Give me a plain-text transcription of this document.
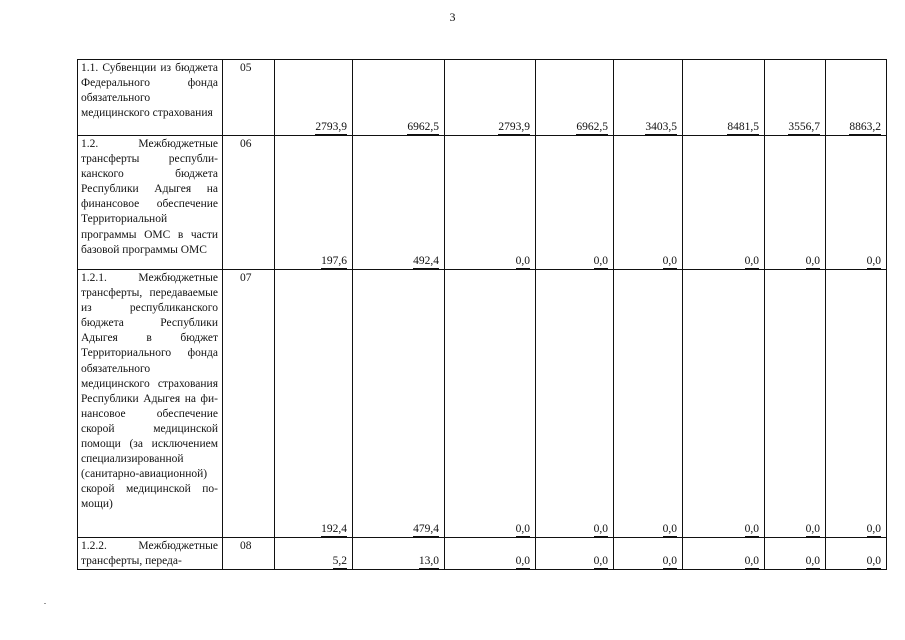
3
1.1. Субвенции из бюджета Федерального фонда обязательного медицинского страхования	05	2793,9	6962,5	2793,9	6962,5	3403,5	8481,5	3556,7	8863,2
1.2. Межбюджетные трансферты республиканского бюджета Республики Адыгея на финансовое обеспечение Территориальной программы ОМС в части базовой программы ОМС	06	197,6	492,4	0,0	0,0	0,0	0,0	0,0	0,0
1.2.1. Межбюджетные трансферты, передаваемые из республиканского бюджета Республики Адыгея в бюджет Территориального фонда обязательного медицинского страхования Республики Адыгея на финансовое обеспечение скорой медицинской помощи (за исключением специализированной (санитарно-авиационной) скорой медицинской помощи)	07	192,4	479,4	0,0	0,0	0,0	0,0	0,0	0,0
1.2.2. Межбюджетные трансферты, переда-	08	5,2	13,0	0,0	0,0	0,0	0,0	0,0	0,0
